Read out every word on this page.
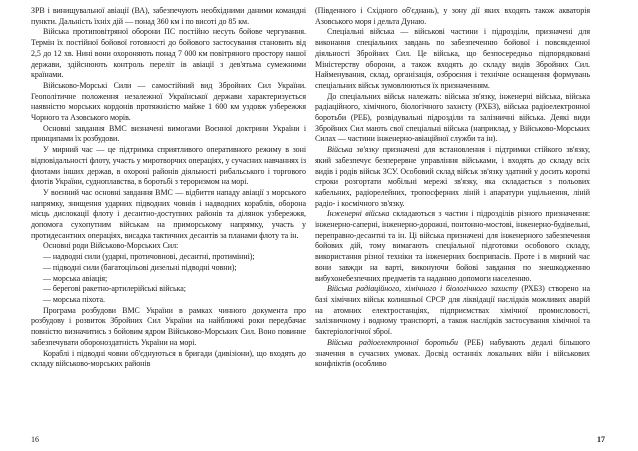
ЗРВ і винищувальної авіації (ВА), забезпечують необхідними даними командні пункти. Дальність їхніх дій — понад 360 км і по висоті до 85 км.

Війська протиповітряної оборони ПС постійно несуть бойове чергування. Термін їх постійної бойової готовності до бойового застосування становить від 2,5 до 12 хв. Нині вони охороняють понад 7 000 км повітряного простору нашої держави, здійснюють контроль переліт ів авіації з дев'ятьма сумежними країнами.

Військово-Морські Сили — самостійний вид Збройних Сил України. Геополітичне положення незалежної Української держави характеризується наявністю морських кордонів протяжністю майже 1 600 км уздовж узбережжя Чорного та Азовського морів.

Основні завдання ВМС визначені вимогами Воєнної доктрини України і принципами їх розбудови.

У мирний час — це підтримка сприятливого оперативного режиму в зоні відповідальності флоту, участь у миротворчих операціях, у сучасних навчаннях із флотами інших держав, в охороні районів діяльності рибальського і торгового флотів України, судноплавства, в боротьбі з тероризмом на морі.

У воєнний час основні завдання ВМС — відбиття нападу авіації з морського напрямку, знищення ударних підводних човнів і надводних кораблів, оборона місць дислокації флоту і десантно-доступних районів та ділянок узбережжя, допомога сухопутним військам на приморському напрямку, участь у протидесантних операціях, висадка тактичних десантів за планами флоту та ін.

Основні роди Військово-Морських Сил:

— надводні сили (ударні, протичовнові, десантні, протимінні);

— підводні сили (багатоцільові дизельні підводні човни);

— морська авіація;

— берегові ракетно-артилерійські війська;

— морська піхота.

Програма розбудови ВМС України в рамках чинного документа про розбудову і розвиток Збройних Сил України на найближчі роки передбачає повністю визначитись з бойовим ядром Військово-Морських Сил. Воно повинне забезпечувати обороноздатність України на морі.

Кораблі і підводні човни об'єднуються в бригади (дивізіони), що входять до складу військово-морських районів

(Південного і Східного об'єднань), у зону дії яких входять також акваторія Азовського моря і дельта Дунаю.

Спеціальні війська — військові частини і підрозділи, призначені для виконання спеціальних завдань по забезпеченню бойової і повсякденної діяльності Збройних Сил. Це війська, що безпосередньо підпорядковані Міністерству оборони, а також входять до складу видів Збройних Сил. Найменування, склад, організація, озброєння і технічне оснащення формувань спеціальних військ зумовлюються їх призначенням.

До спеціальних військ належать: війська зв'язку, інженерні війська, війська радіаційного, хімічного, біологічного захисту (РХБЗ), війська радіоелектронної боротьби (РЕБ), розвідувальні підрозділи та залізничні війська. Деякі види Збройних Сил мають свої спеціальні війська (наприклад, у Військово-Морських Силах — частини інженерно-авіаційної служби та ін).

Війська зв'язку призначені для встановлення і підтримки стійкого зв'язку, який забезпечує безперервне управління військами, і входять до складу всіх видів і родів військ ЗСУ. Особовий склад військ зв'язку здатний у досить короткі строки розгортати мобільні мережі зв'язку, яка складається з польових кабельних, радіорелейних, тропосферних ліній і апаратури ущільнення, ліній радіо- і космічного зв'язку.

Інженерні війська складаються з частин і підрозділів різного призначення: інженерно-саперні, інженерно-дорожні, понтонно-мостові, інженерно-будівельні, переправно-десантні та ін. Ці війська призначені для інженерного забезпечення бойових дій, тому вимагають спеціальної підготовки особового складу, використання різної техніки та інженерних боєприпасів. Проте і в мирний час вони завжди на варті, виконуючи бойові завдання по знешкодженню вибухонебезпечних предметів та наданню допомоги населенню.

Війська радіаційного, хімічного і біологічного захисту (РХБЗ) створено на базі хімічних військ колишньої СРСР для ліквідації наслідків можливих аварій на атомних електростанціях, підприємствах хімічної промисловості, залізничному і водному транспорті, а також наслідків застосування хімічної та бактеріологічної зброї.

Війська радіоелектронної боротьби (РЕБ) набувають дедалі більшого значення в сучасних умовах. Досвід останніх локальних війн і військових конфліктів (особливо

16	17
